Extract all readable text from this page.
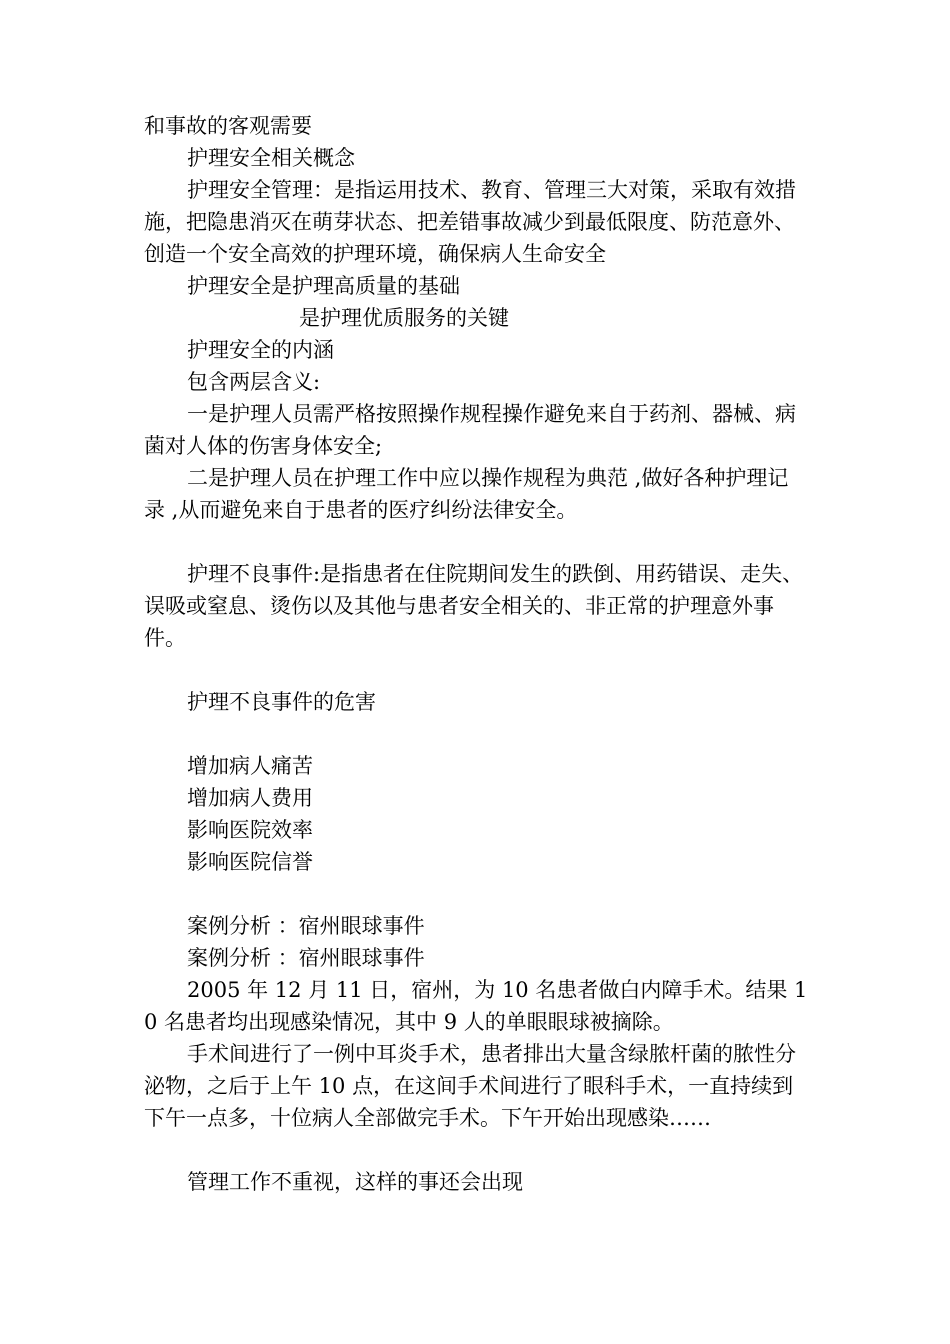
和事故的客观需要

护理安全相关概念

护理安全管理：是指运用技术、教育、管理三大对策，采取有效措施，把隐患消灭在萌芽状态、把差错事故减少到最低限度、防范意外、创造一个安全高效的护理环境，确保病人生命安全

护理安全是护理高质量的基础

是护理优质服务的关键

护理安全的内涵

包含两层含义:

一是护理人员需严格按照操作规程操作避免来自于药剂、器械、病菌对人体的伤害身体安全;

二是护理人员在护理工作中应以操作规程为典范 ,做好各种护理记录 ,从而避免来自于患者的医疗纠纷法律安全。

护理不良事件:是指患者在住院期间发生的跌倒、用药错误、走失、误吸或窒息、烫伤以及其他与患者安全相关的、非正常的护理意外事件。

护理不良事件的危害

增加病人痛苦

增加病人费用

影响医院效率

影响医院信誉

案例分析 ：宿州眼球事件

案例分析 ：宿州眼球事件

2005 年 12 月 11 日，宿州，为 10 名患者做白内障手术。结果 10 名患者均出现感染情况，其中 9 人的单眼眼球被摘除。

手术间进行了一例中耳炎手术，患者排出大量含绿脓杆菌的脓性分泌物，之后于上午 10 点，在这间手术间进行了眼科手术，一直持续到下午一点多，十位病人全部做完手术。下午开始出现感染……

管理工作不重视，这样的事还会出现
